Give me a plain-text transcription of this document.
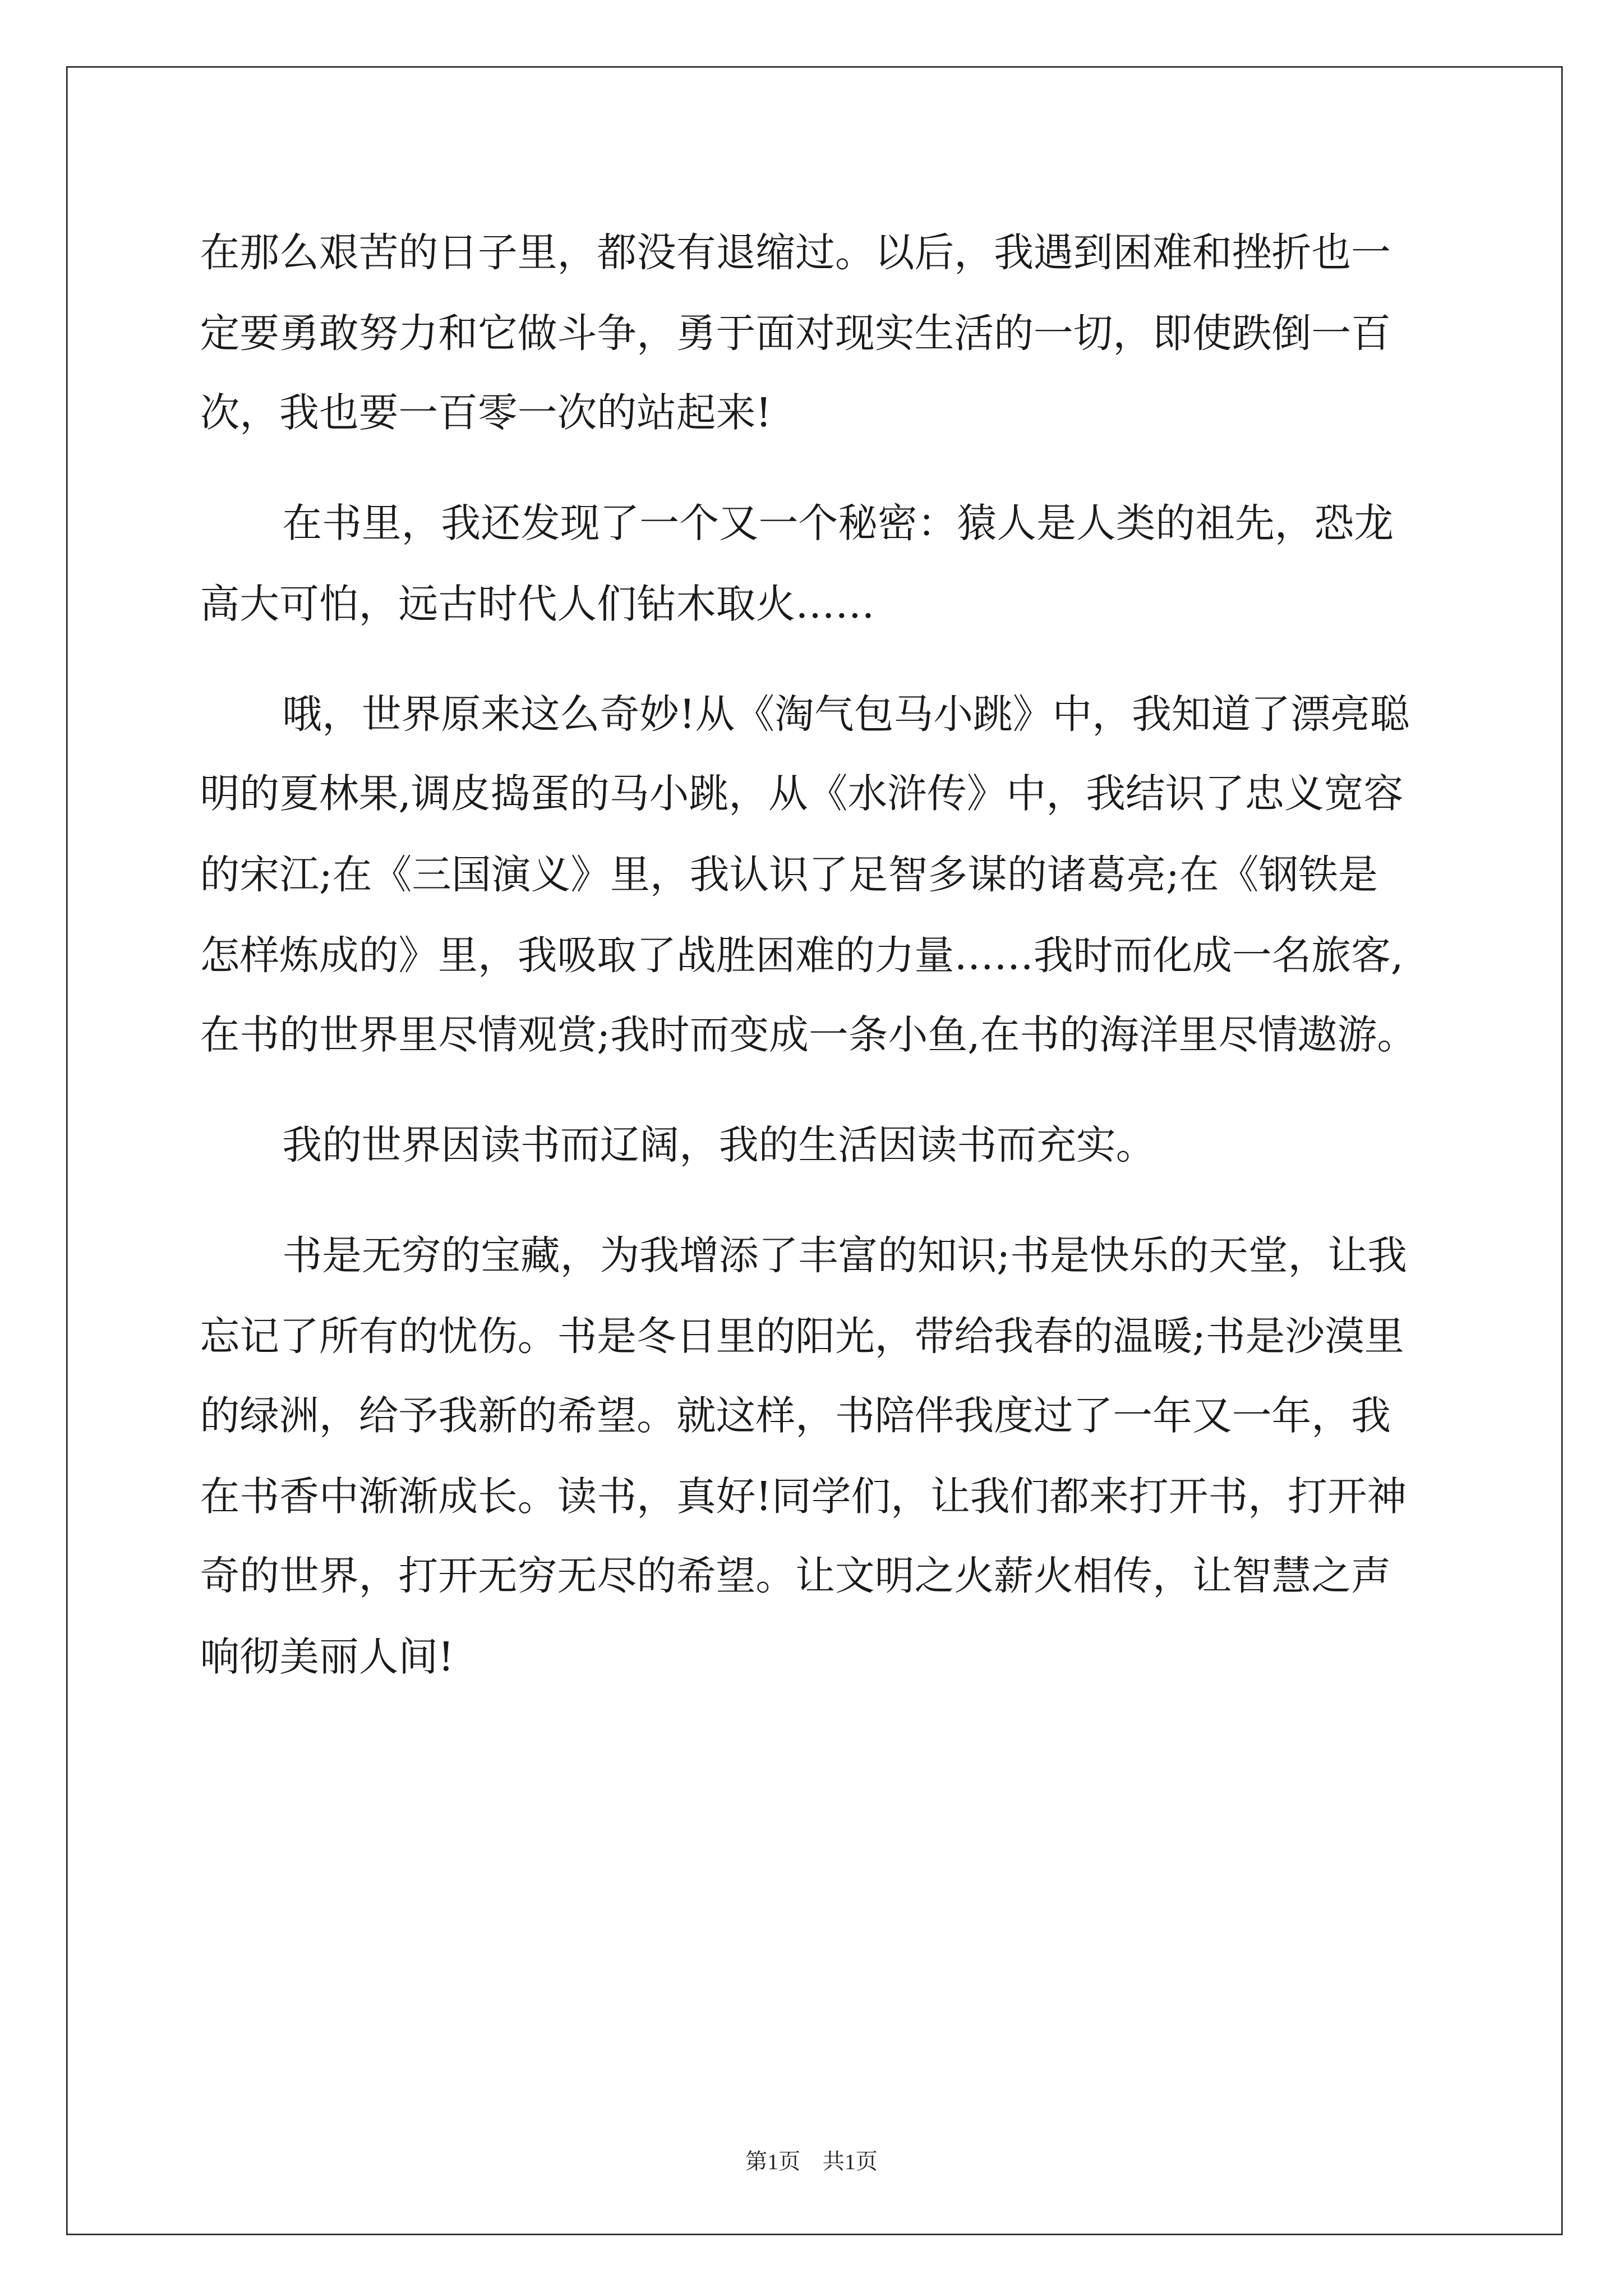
在那么艰苦的日子里，都没有退缩过。以后，我遇到困难和挫折也一
定要勇敢努力和它做斗争，勇于面对现实生活的一切，即使跌倒一百
次，我也要一百零一次的站起来!
在书里，我还发现了一个又一个秘密：猿人是人类的祖先，恐龙
高大可怕，远古时代人们钻木取火……
哦，世界原来这么奇妙!从《淘气包马小跳》中，我知道了漂亮聪
明的夏林果,调皮捣蛋的马小跳，从《水浒传》中，我结识了忠义宽容
的宋江;在《三国演义》里，我认识了足智多谋的诸葛亮;在《钢铁是
怎样炼成的》里，我吸取了战胜困难的力量……我时而化成一名旅客,
在书的世界里尽情观赏;我时而变成一条小鱼,在书的海洋里尽情遨游。
我的世界因读书而辽阔，我的生活因读书而充实。
书是无穷的宝藏，为我增添了丰富的知识;书是快乐的天堂，让我
忘记了所有的忧伤。书是冬日里的阳光，带给我春的温暖;书是沙漠里
的绿洲，给予我新的希望。就这样，书陪伴我度过了一年又一年，我
在书香中渐渐成长。读书，真好!同学们，让我们都来打开书，打开神
奇的世界，打开无穷无尽的希望。让文明之火薪火相传，让智慧之声
响彻美丽人间!
第1页　共1页
